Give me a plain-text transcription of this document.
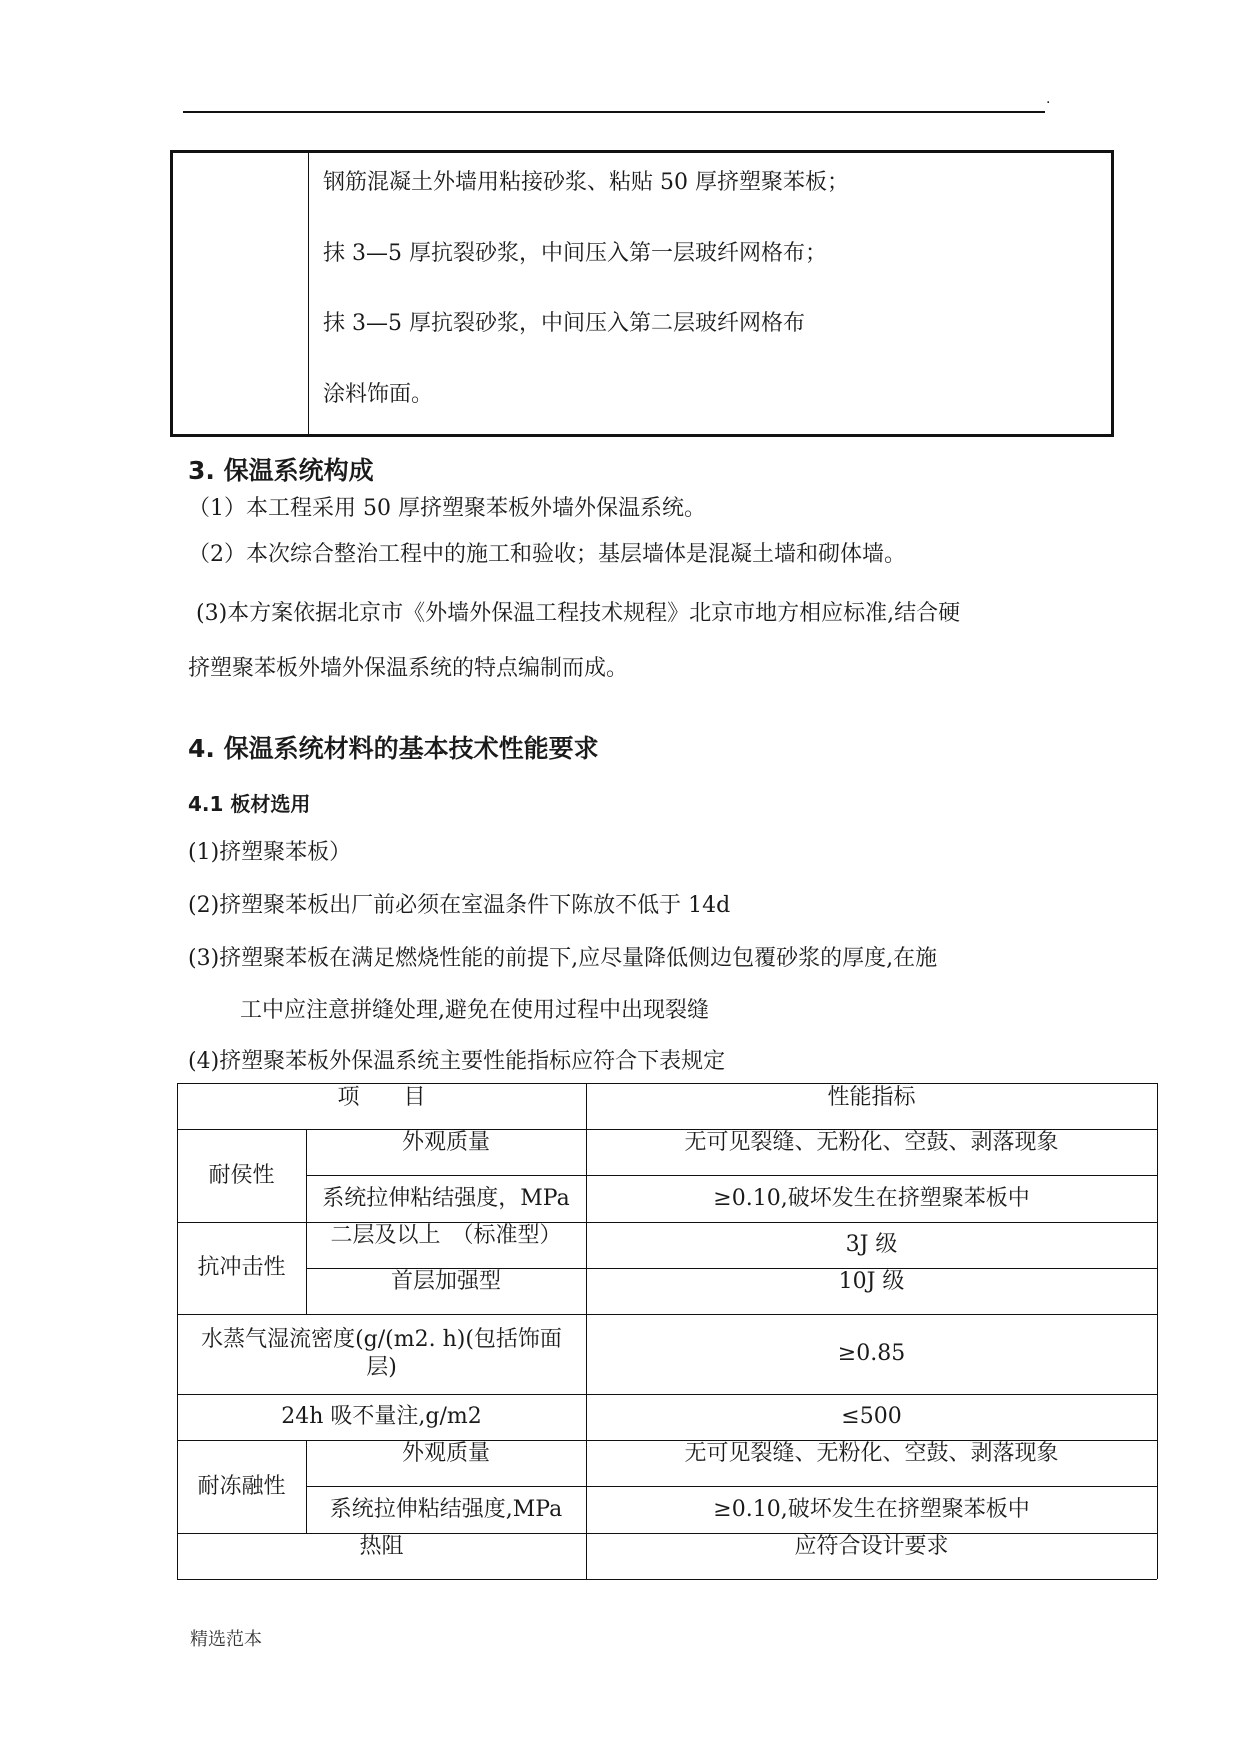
.
钢筋混凝土外墙用粘接砂浆、粘贴 50 厚挤塑聚苯板；
抹 3—5 厚抗裂砂浆，中间压入第一层玻纤网格布；
抹 3—5 厚抗裂砂浆，中间压入第二层玻纤网格布
涂料饰面。
3. 保温系统构成
（1）本工程采用 50 厚挤塑聚苯板外墙外保温系统。
（2）本次综合整治工程中的施工和验收；基层墙体是混凝土墙和砌体墙。
(3)本方案依据北京市《外墙外保温工程技术规程》北京市地方相应标准,结合硬
挤塑聚苯板外墙外保温系统的特点编制而成。
4. 保温系统材料的基本技术性能要求
4.1 板材选用
(1)挤塑聚苯板）
(2)挤塑聚苯板出厂前必须在室温条件下陈放不低于 14d
(3)挤塑聚苯板在满足燃烧性能的前提下,应尽量降低侧边包覆砂浆的厚度,在施
工中应注意拼缝处理,避免在使用过程中出现裂缝
(4)挤塑聚苯板外保温系统主要性能指标应符合下表规定
项　　目	性能指标
耐侯性
外观质量	无可见裂缝、无粉化、空鼓、剥落现象
系统拉伸粘结强度，MPa	≥0.10,破坏发生在挤塑聚苯板中
抗冲击性
二层及以上　（标准型）	3J 级
首层加强型	10J 级
水蒸气湿流密度(g/(m2. h)(包括饰面层)
≥0.85
24h 吸不量注,g/m2	≤500
耐冻融性
外观质量	无可见裂缝、无粉化、空鼓、剥落现象
系统拉伸粘结强度,MPa	≥0.10,破坏发生在挤塑聚苯板中
热阻	应符合设计要求
精选范本
